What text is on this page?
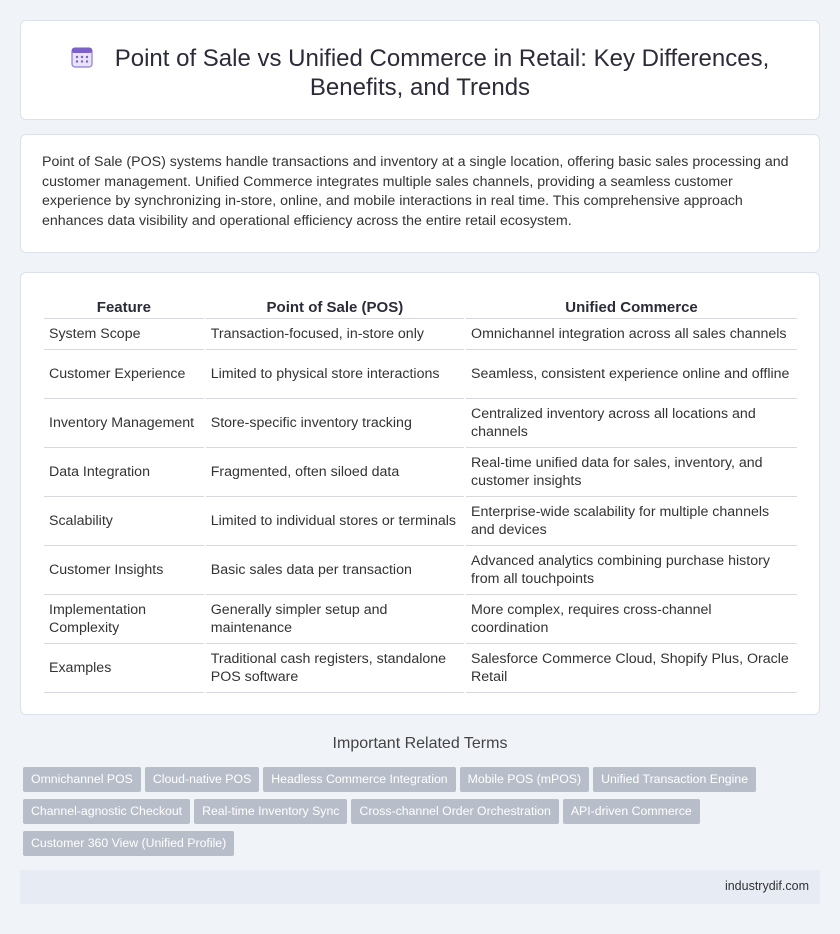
Point of Sale vs Unified Commerce in Retail: Key Differences, Benefits, and Trends

Point of Sale (POS) systems handle transactions and inventory at a single location, offering basic sales processing and customer management. Unified Commerce integrates multiple sales channels, providing a seamless customer experience by synchronizing in-store, online, and mobile interactions in real time. This comprehensive approach enhances data visibility and operational efficiency across the entire retail ecosystem.

Feature	Point of Sale (POS)	Unified Commerce
System Scope	Transaction-focused, in-store only	Omnichannel integration across all sales channels
Customer Experience	Limited to physical store interactions	Seamless, consistent experience online and offline
Inventory Management	Store-specific inventory tracking	Centralized inventory across all locations and channels
Data Integration	Fragmented, often siloed data	Real-time unified data for sales, inventory, and customer insights
Scalability	Limited to individual stores or terminals	Enterprise-wide scalability for multiple channels and devices
Customer Insights	Basic sales data per transaction	Advanced analytics combining purchase history from all touchpoints
Implementation Complexity	Generally simpler setup and maintenance	More complex, requires cross-channel coordination
Examples	Traditional cash registers, standalone POS software	Salesforce Commerce Cloud, Shopify Plus, Oracle Retail
Important Related Terms
Omnichannel POS Cloud-native POS Headless Commerce Integration Mobile POS (mPOS) Unified Transaction Engine
Channel-agnostic Checkout Real-time Inventory Sync Cross-channel Order Orchestration API-driven Commerce
Customer 360 View (Unified Profile)
industrydif.com
